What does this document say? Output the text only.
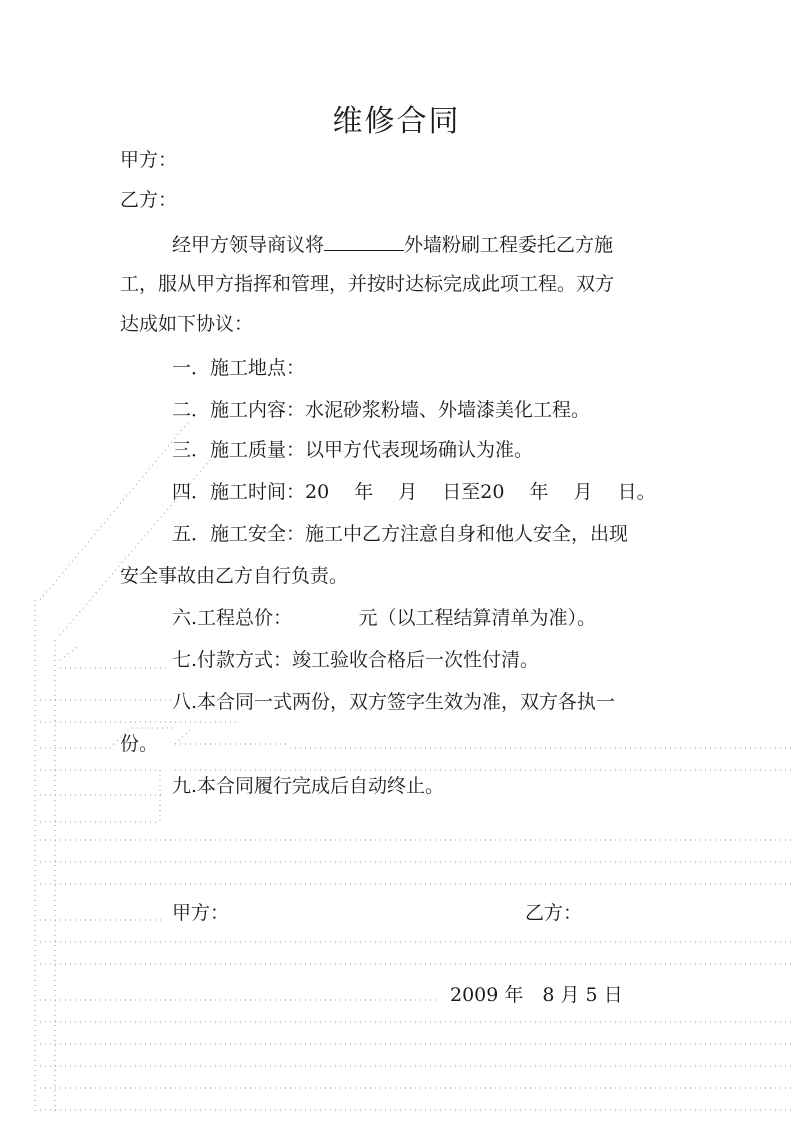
维修合同
甲方：
乙方：
经甲方领导商议将	外墙粉刷工程委托乙方施
工，服从甲方指挥和管理，并按时达标完成此项工程。双方
达成如下协议：
一．施工地点：
二．施工内容：水泥砂浆粉墙、外墙漆美化工程。
三．施工质量：以甲方代表现场确认为准。
四．施工时间：20　 年　 月　 日至20　 年　 月　 日。
五．施工安全：施工中乙方注意自身和他人安全，出现
安全事故由乙方自行负责。
六.工程总价：　　　　元（以工程结算清单为准）。
七.付款方式：竣工验收合格后一次性付清。
八.本合同一式两份，双方签字生效为准，双方各执一
份。
九.本合同履行完成后自动终止。
甲方：	乙方：
2009 年　8 月 5 日
